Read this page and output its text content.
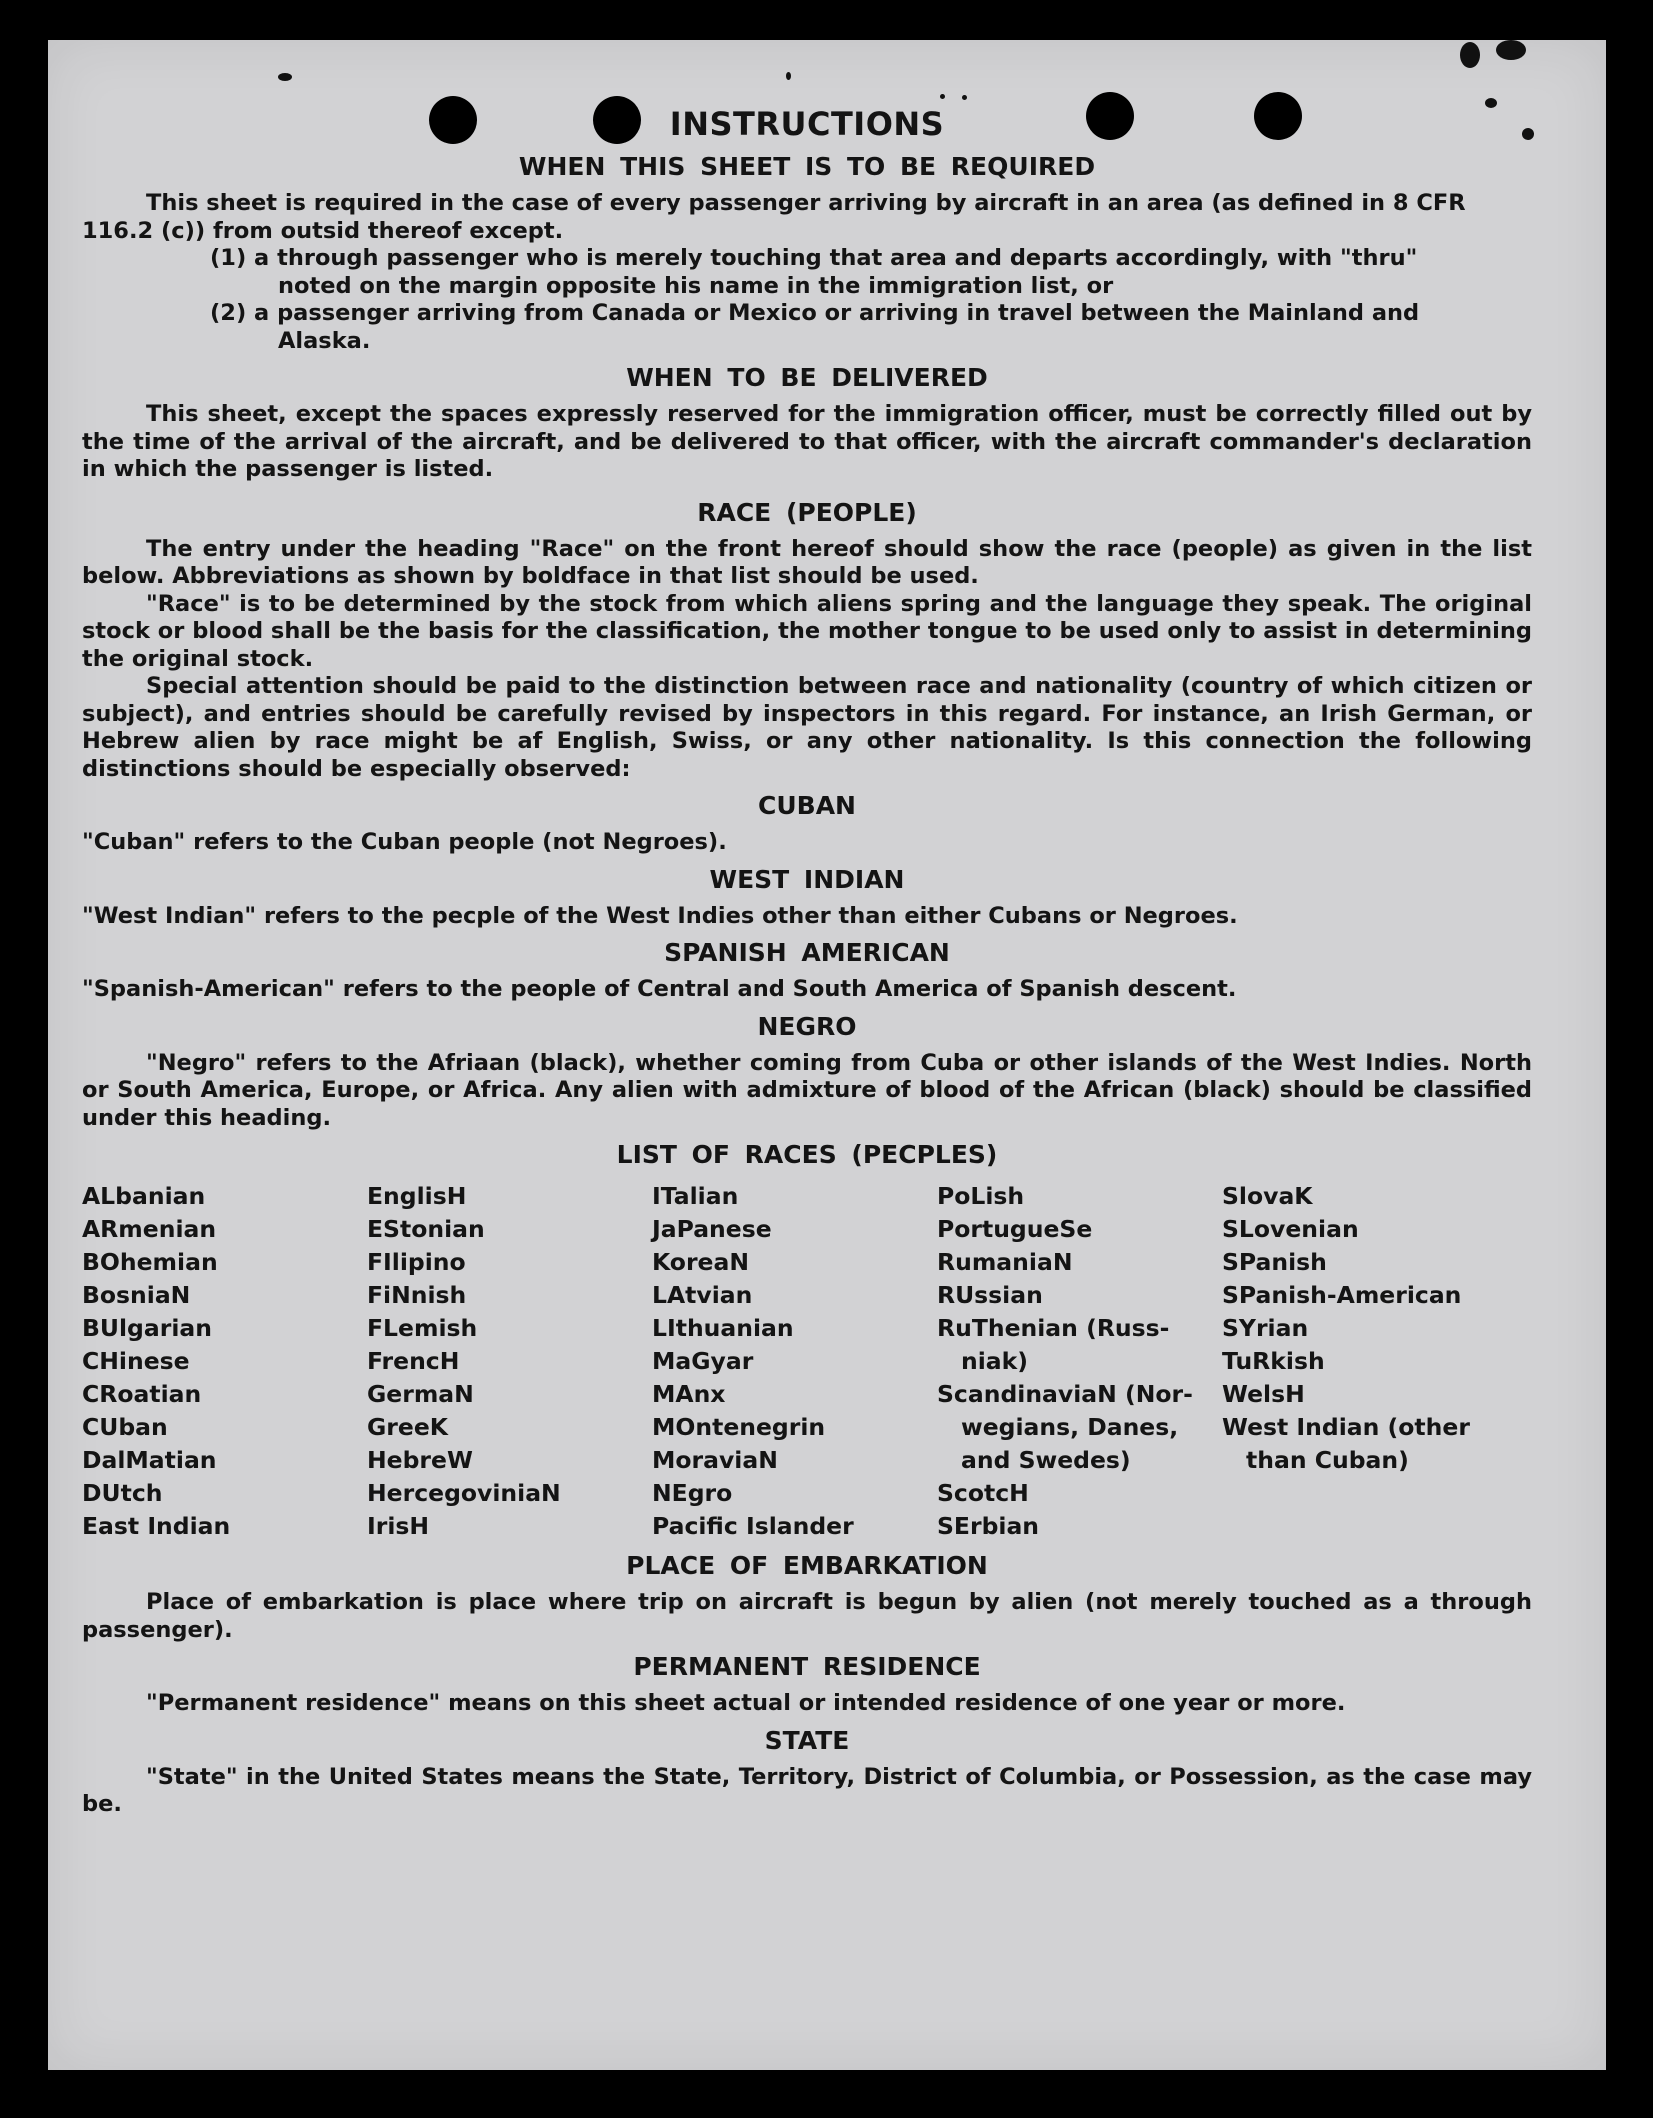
INSTRUCTIONS
WHEN THIS SHEET IS TO BE REQUIRED

This sheet is required in the case of every passenger arriving by aircraft in an area (as defined in 8 CFR

116.2 (c)) from outsid thereof except.

(1) a through passenger who is merely touching that area and departs accordingly, with "thru"

noted on the margin opposite his name in the immigration list, or

(2) a passenger arriving from Canada or Mexico or arriving in travel between the Mainland and

Alaska.

WHEN TO BE DELIVERED

This sheet, except the spaces expressly reserved for the immigration officer, must be correctly filled out by the time of the arrival of the aircraft, and be delivered to that officer, with the aircraft commander's declaration in which the passenger is listed.

RACE (PEOPLE)

The entry under the heading "Race" on the front hereof should show the race (people) as given in the list below. Abbreviations as shown by boldface in that list should be used.

"Race" is to be determined by the stock from which aliens spring and the language they speak. The original stock or blood shall be the basis for the classification, the mother tongue to be used only to assist in determining the original stock.

Special attention should be paid to the distinction between race and nationality (country of which citizen or subject), and entries should be carefully revised by inspectors in this regard. For instance, an Irish German, or Hebrew alien by race might be af English, Swiss, or any other nationality. Is this connection the following distinctions should be especially observed:

CUBAN

"Cuban" refers to the Cuban people (not Negroes).

WEST INDIAN

"West Indian" refers to the pecple of the West Indies other than either Cubans or Negroes.

SPANISH AMERICAN

"Spanish-American" refers to the people of Central and South America of Spanish descent.

NEGRO

"Negro" refers to the Afriaan (black), whether coming from Cuba or other islands of the West Indies. North or South America, Europe, or Africa. Any alien with admixture of blood of the African (black) should be classified under this heading.

LIST OF RACES (PECPLES)
ALbanian
ARmenian
BOhemian
BosniaN
BUlgarian
CHinese
CRoatian
CUban
DalMatian
DUtch
East Indian
EnglisH
EStonian
FIlipino
FiNnish
FLemish
FrencH
GermaN
GreeK
HebreW
HercegoviniaN
IrisH
ITalian
JaPanese
KoreaN
LAtvian
LIthuanian
MaGyar
MAnx
MOntenegrin
MoraviaN
NEgro
Pacific Islander
PoLish
PortugueSe
RumaniaN
RUssian
RuThenian (Russ-
niak)
ScandinaviaN (Nor-
wegians, Danes,
and Swedes)
ScotcH
SErbian
SlovaK
SLovenian
SPanish
SPanish-American
SYrian
TuRkish
WelsH
West Indian (other
than Cuban)
PLACE OF EMBARKATION

Place of embarkation is place where trip on aircraft is begun by alien (not merely touched as a through passenger).

PERMANENT RESIDENCE

"Permanent residence" means on this sheet actual or intended residence of one year or more.

STATE

"State" in the United States means the State, Territory, District of Columbia, or Possession, as the case may be.
